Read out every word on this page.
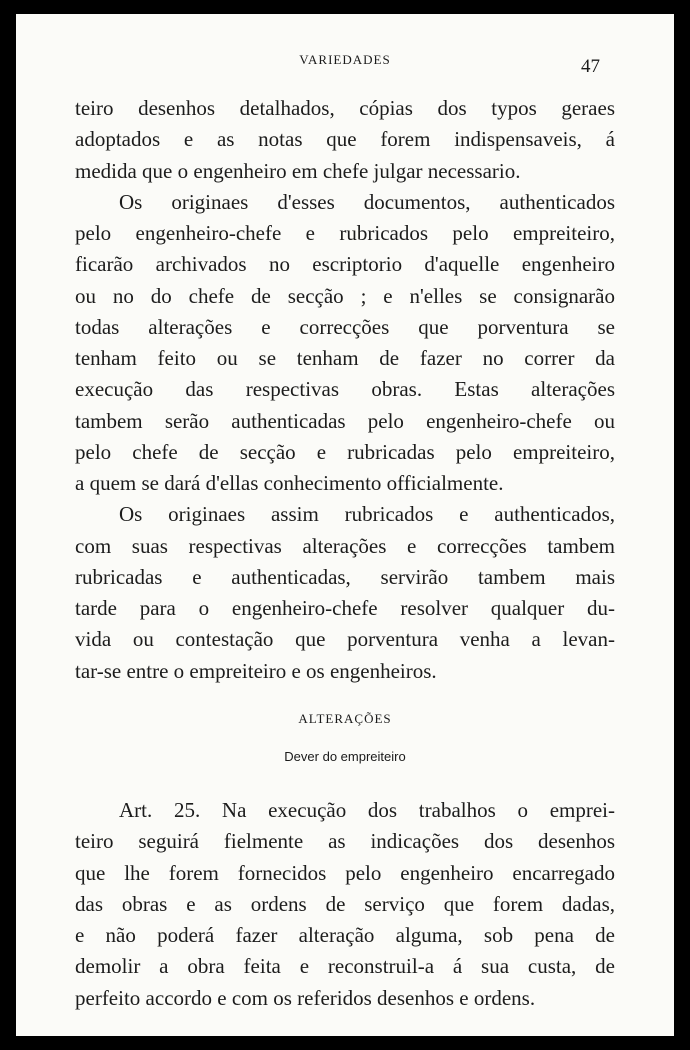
VARIEDADES	47
teiro desenhos detalhados, cópias dos typos geraes
adoptados e as notas que forem indispensaveis, á
medida que o engenheiro em chefe julgar necessario.
Os originaes d'esses documentos, authenticados
pelo engenheiro-chefe e rubricados pelo empreiteiro,
ficarão archivados no escriptorio d'aquelle engenheiro
ou no do chefe de secção ; e n'elles se consignarão
todas alterações e correcções que porventura se
tenham feito ou se tenham de fazer no correr da
execução das respectivas obras. Estas alterações
tambem serão authenticadas pelo engenheiro-chefe ou
pelo chefe de secção e rubricadas pelo empreiteiro,
a quem se dará d'ellas conhecimento officialmente.
Os originaes assim rubricados e authenticados,
com suas respectivas alterações e correcções tambem
rubricadas e authenticadas, servirão tambem mais
tarde para o engenheiro-chefe resolver qualquer du-
vida ou contestação que porventura venha a levan-
tar-se entre o empreiteiro e os engenheiros.
ALTERAÇÕES
Dever do empreiteiro
Art. 25. Na execução dos trabalhos o emprei-
teiro seguirá fielmente as indicações dos desenhos
que lhe forem fornecidos pelo engenheiro encarregado
das obras e as ordens de serviço que forem dadas,
e não poderá fazer alteração alguma, sob pena de
demolir a obra feita e reconstruil-a á sua custa, de
perfeito accordo e com os referidos desenhos e ordens.
